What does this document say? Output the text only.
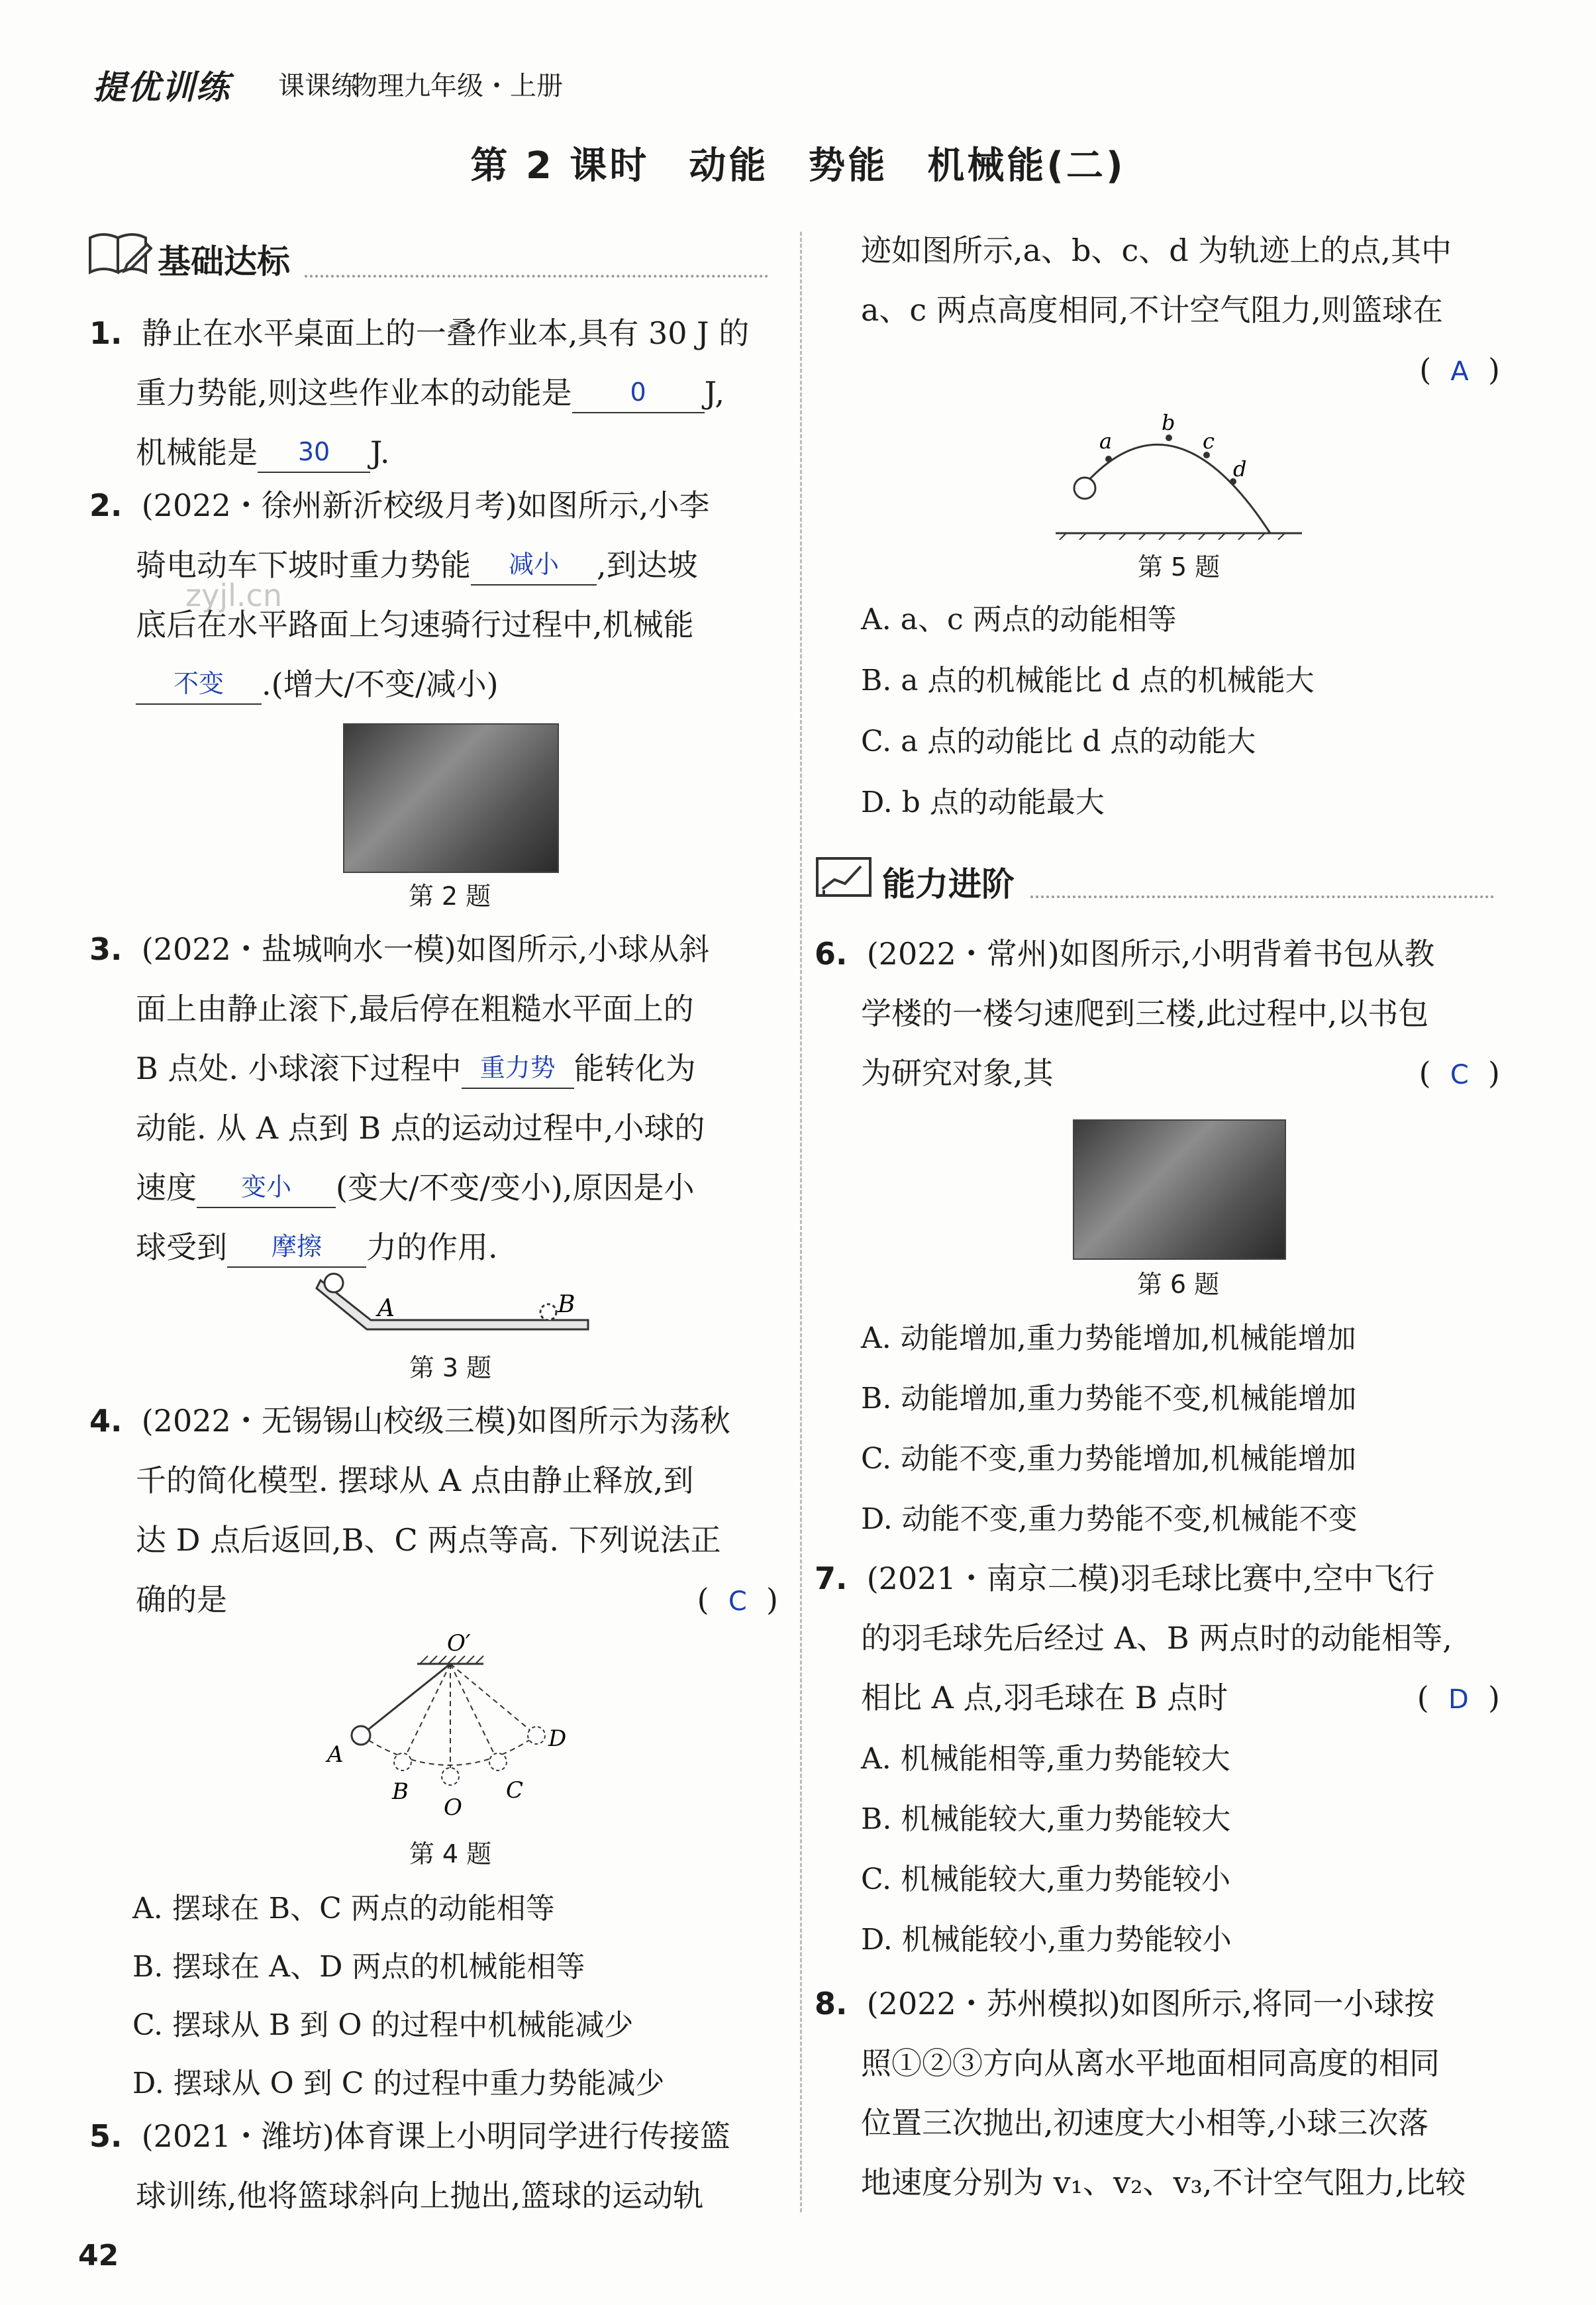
提优训练 课课练
物理九年级・上册
第 2 课时　动能　势能　机械能(二)
zyjl.cn
基础达标
1. 静止在水平桌面上的一叠作业本,具有 30 J 的
重力势能,则这些作业本的动能是 0 J,
机械能是 30 J.
2. (2022・徐州新沂校级月考)如图所示,小李
骑电动车下坡时重力势能 减小 ,到达坡
底后在水平路面上匀速骑行过程中,机械能
不变 .(增大/不变/减小)
第 2 题
3. (2022・盐城响水一模)如图所示,小球从斜
面上由静止滚下,最后停在粗糙水平面上的
B 点处. 小球滚下过程中 重力势 能转化为
动能. 从 A 点到 B 点的运动过程中,小球的
速度 变小 (变大/不变/变小),原因是小
球受到 摩擦 力的作用.
A	B
第 3 题
4. (2022・无锡锡山校级三模)如图所示为荡秋
千的简化模型. 摆球从 A 点由静止释放,到
达 D 点后返回,B、C 两点等高. 下列说法正
确的是	( C )
O′
A
B
O
C
D
第 4 题
A. 摆球在 B、C 两点的动能相等
B. 摆球在 A、D 两点的机械能相等
C. 摆球从 B 到 O 的过程中机械能减少
D. 摆球从 O 到 C 的过程中重力势能减少
5. (2021・潍坊)体育课上小明同学进行传接篮
球训练,他将篮球斜向上抛出,篮球的运动轨
迹如图所示,a、b、c、d 为轨迹上的点,其中
a、c 两点高度相同,不计空气阻力,则篮球在
( A )
a
b
c
d
第 5 题
A. a、c 两点的动能相等
B. a 点的机械能比 d 点的机械能大
C. a 点的动能比 d 点的动能大
D. b 点的动能最大
能力进阶
6. (2022・常州)如图所示,小明背着书包从教
学楼的一楼匀速爬到三楼,此过程中,以书包
为研究对象,其	( C )
第 6 题
A. 动能增加,重力势能增加,机械能增加
B. 动能增加,重力势能不变,机械能增加
C. 动能不变,重力势能增加,机械能增加
D. 动能不变,重力势能不变,机械能不变
7. (2021・南京二模)羽毛球比赛中,空中飞行
的羽毛球先后经过 A、B 两点时的动能相等,
相比 A 点,羽毛球在 B 点时	( D )
A. 机械能相等,重力势能较大
B. 机械能较大,重力势能较大
C. 机械能较大,重力势能较小
D. 机械能较小,重力势能较小
8. (2022・苏州模拟)如图所示,将同一小球按
照①②③方向从离水平地面相同高度的相同
位置三次抛出,初速度大小相等,小球三次落
地速度分别为 v₁、v₂、v₃,不计空气阻力,比较
42
